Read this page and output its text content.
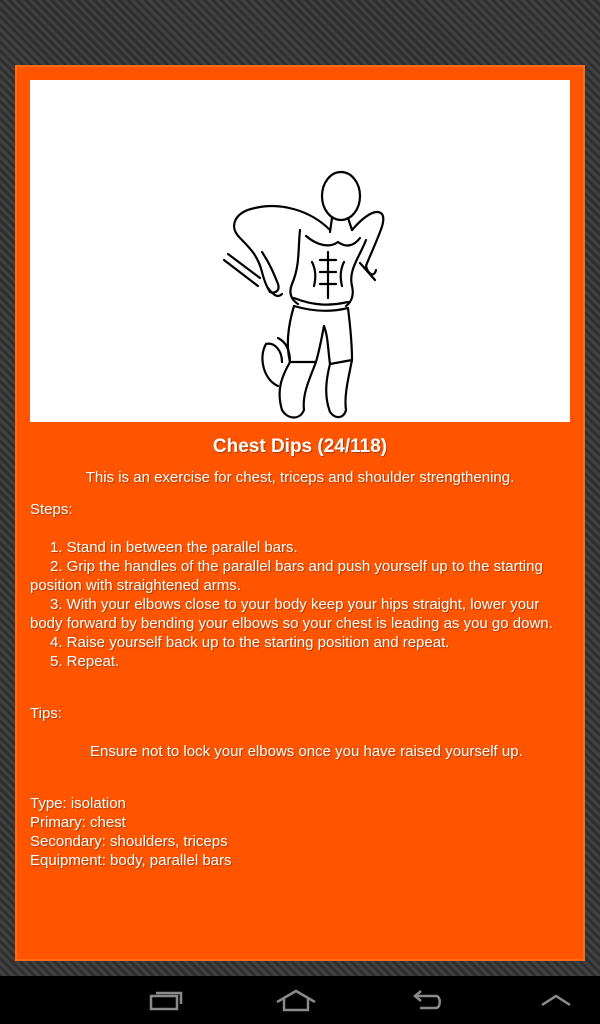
Chest Dips (24/118)
This is an exercise for chest, triceps and shoulder strengthening.
Steps:
1. Stand in between the parallel bars.
2. Grip the handles of the parallel bars and push yourself up to the starting position with straightened arms.
3. With your elbows close to your body keep your hips straight, lower your body forward by bending your elbows so your chest is leading as you go down.
4. Raise yourself back up to the starting position and repeat.
5. Repeat.
Tips:
Ensure not to lock your elbows once you have raised yourself up.
Type: isolation
Primary: chest
Secondary: shoulders, triceps
Equipment: body, parallel bars
